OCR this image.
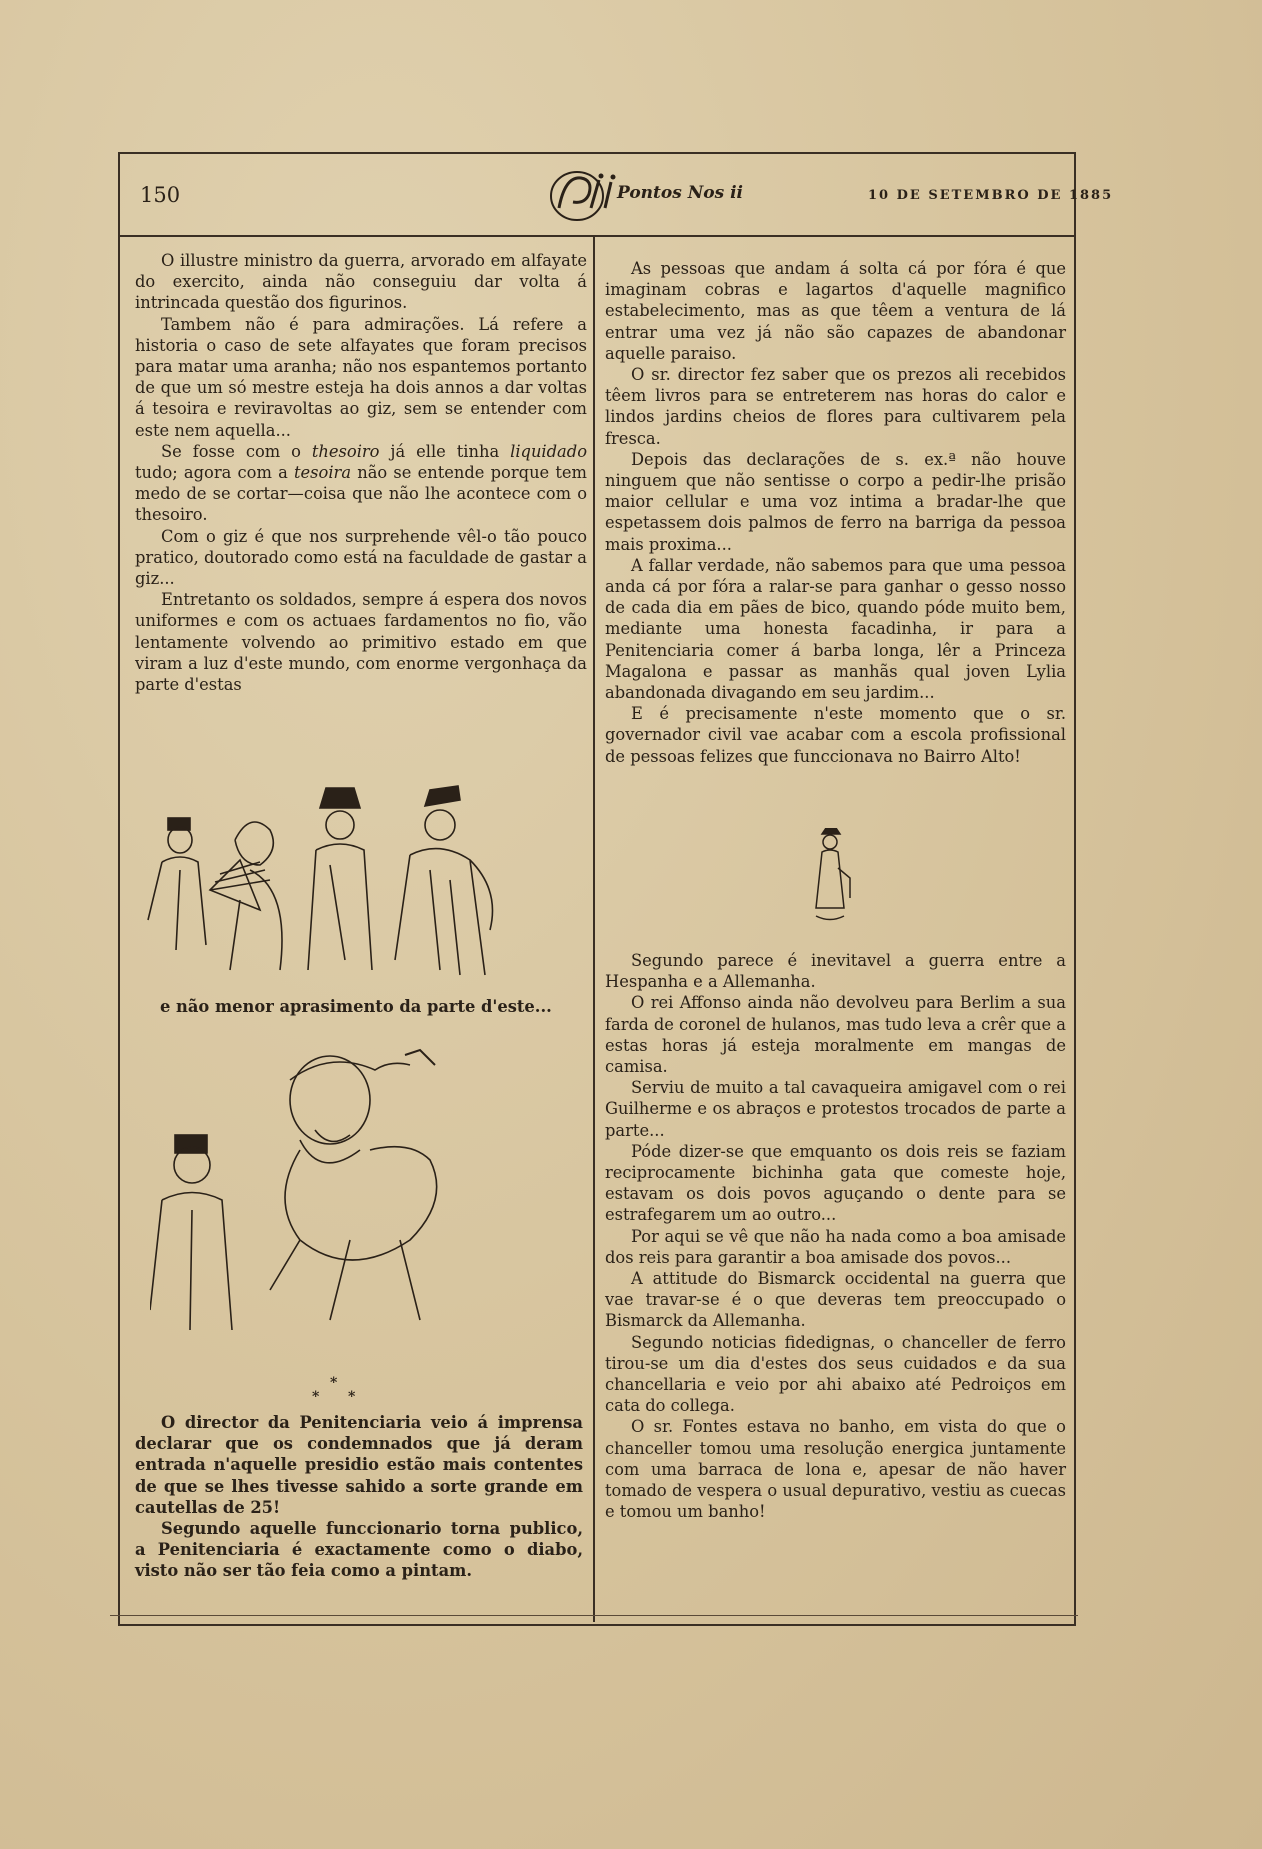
150	Pontos Nos ii	10 DE SETEMBRO DE 1885

O illustre ministro da guerra, arvorado em alfayate do exercito, ainda não conseguiu dar volta á intrincada questão dos figurinos.

Tambem não é para admirações. Lá refere a historia o caso de sete alfayates que foram precisos para matar uma aranha; não nos espantemos portanto de que um só mestre esteja ha dois annos a dar voltas á tesoira e reviravoltas ao giz, sem se entender com este nem aquella...

Se fosse com o thesoiro já elle tinha liquidado tudo; agora com a tesoira não se entende porque tem medo de se cortar—coisa que não lhe acontece com o thesoiro.

Com o giz é que nos surprehende vêl-o tão pouco pratico, doutorado como está na faculdade de gastar a giz...

Entretanto os soldados, sempre á espera dos novos uniformes e com os actuaes fardamentos no fio, vão lentamente volvendo ao primitivo estado em que viram a luz d'este mundo, com enorme vergonhaça da parte d'estas

e não menor aprasimento da parte d'este...
*
* *

O director da Penitenciaria veio á imprensa declarar que os condemnados que já deram entrada n'aquelle presidio estão mais contentes de que se lhes tivesse sahido a sorte grande em cautellas de 25!

Segundo aquelle funccionario torna publico, a Penitenciaria é exactamente como o diabo, visto não ser tão feia como a pintam.

As pessoas que andam á solta cá por fóra é que imaginam cobras e lagartos d'aquelle magnifico estabelecimento, mas as que têem a ventura de lá entrar uma vez já não são capazes de abandonar aquelle paraiso.

O sr. director fez saber que os prezos ali recebidos têem livros para se entreterem nas horas do calor e lindos jardins cheios de flores para cultivarem pela fresca.

Depois das declarações de s. ex.ª não houve ninguem que não sentisse o corpo a pedir-lhe prisão maior cellular e uma voz intima a bradar-lhe que espetassem dois palmos de ferro na barriga da pessoa mais proxima...

A fallar verdade, não sabemos para que uma pessoa anda cá por fóra a ralar-se para ganhar o gesso nosso de cada dia em pães de bico, quando póde muito bem, mediante uma honesta facadinha, ir para a Penitenciaria comer á barba longa, lêr a Princeza Magalona e passar as manhãs qual joven Lylia abandonada divagando em seu jardim...

E é precisamente n'este momento que o sr. governador civil vae acabar com a escola profissional de pessoas felizes que funccionava no Bairro Alto!

Segundo parece é inevitavel a guerra entre a Hespanha e a Allemanha.

O rei Affonso ainda não devolveu para Berlim a sua farda de coronel de hulanos, mas tudo leva a crêr que a estas horas já esteja moralmente em mangas de camisa.

Serviu de muito a tal cavaqueira amigavel com o rei Guilherme e os abraços e protestos trocados de parte a parte...

Póde dizer-se que emquanto os dois reis se faziam reciprocamente bichinha gata que comeste hoje, estavam os dois povos aguçando o dente para se estrafegarem um ao outro...

Por aqui se vê que não ha nada como a boa amisade dos reis para garantir a boa amisade dos povos...

A attitude do Bismarck occidental na guerra que vae travar-se é o que deveras tem preoccupado o Bismarck da Allemanha.

Segundo noticias fidedignas, o chanceller de ferro tirou-se um dia d'estes dos seus cuidados e da sua chancellaria e veio por ahi abaixo até Pedroiços em cata do collega.

O sr. Fontes estava no banho, em vista do que o chanceller tomou uma resolução energica juntamente com uma barraca de lona e, apesar de não haver tomado de vespera o usual depurativo, vestiu as cuecas e tomou um banho!
